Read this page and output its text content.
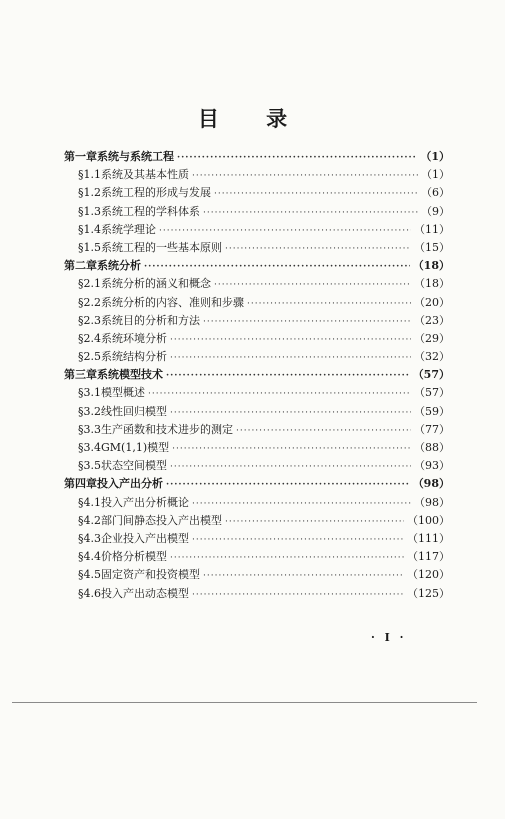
目 录
第一章 系统与系统工程 ·····	（1）
§1.1 系统及其基本性质 ·····	（1）
§1.2 系统工程的形成与发展 ·····	（6）
§1.3 系统工程的学科体系 ·····	（9）
§1.4 系统学理论 ·····	（11）
§1.5 系统工程的一些基本原则 ·····	（15）
第二章 系统分析 ·····	（18）
§2.1 系统分析的涵义和概念 ·····	（18）
§2.2 系统分析的内容、准则和步骤 ·····	（20）
§2.3 系统目的分析和方法 ·····	（23）
§2.4 系统环境分析 ·····	（29）
§2.5 系统结构分析 ·····	（32）
第三章 系统模型技术 ·····	（57）
§3.1 模型概述 ·····	（57）
§3.2 线性回归模型 ·····	（59）
§3.3 生产函数和技术进步的测定 ·····	（77）
§3.4 GM(1,1)模型 ·····	（88）
§3.5 状态空间模型 ·····	（93）
第四章 投入产出分析 ·····	（98）
§4.1 投入产出分析概论 ·····	（98）
§4.2 部门间静态投入产出模型 ·····	（100）
§4.3 企业投入产出模型 ·····	（111）
§4.4 价格分析模型 ·····	（117）
§4.5 固定资产和投资模型 ·····	（120）
§4.6 投入产出动态模型 ·····	（125）
· I ·
